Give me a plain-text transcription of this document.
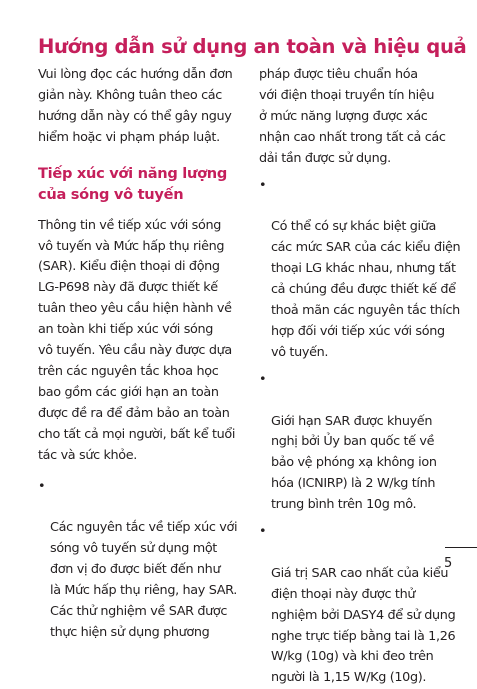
Hướng dẫn sử dụng an toàn và hiệu quả

Vui lòng đọc các hướng dẫn đơn
giản này. Không tuân theo các
hướng dẫn này có thể gây nguy
hiểm hoặc vi phạm pháp luật.

Tiếp xúc với năng lượng
của sóng vô tuyến

Thông tin về tiếp xúc với sóng
vô tuyến và Mức hấp thụ riêng
(SAR). Kiểu điện thoại di động
LG-P698 này đã được thiết kế
tuân theo yêu cầu hiện hành về
an toàn khi tiếp xúc với sóng
vô tuyến. Yêu cầu này được dựa
trên các nguyên tắc khoa học
bao gồm các giới hạn an toàn
được đề ra để đảm bảo an toàn
cho tất cả mọi người, bất kể tuổi
tác và sức khỏe.

•

Các nguyên tắc về tiếp xúc với
sóng vô tuyến sử dụng một
đơn vị đo được biết đến như
là Mức hấp thụ riêng, hay SAR.
Các thử nghiệm về SAR được
thực hiện sử dụng phương

pháp được tiêu chuẩn hóa
với điện thoại truyền tín hiệu
ở mức năng lượng được xác
nhận cao nhất trong tất cả các
dải tần được sử dụng.

•

Có thể có sự khác biệt giữa
các mức SAR của các kiểu điện
thoại LG khác nhau, nhưng tất
cả chúng đều được thiết kế để
thoả mãn các nguyên tắc thích
hợp đối với tiếp xúc với sóng
vô tuyến.

•

Giới hạn SAR được khuyến
nghị bởi Ủy ban quốc tế về
bảo vệ phóng xạ không ion
hóa (ICNIRP) là 2 W/kg tính
trung bình trên 10g mô.

•

Giá trị SAR cao nhất của kiểu
điện thoại này được thử
nghiệm bởi DASY4 để sử dụng
nghe trực tiếp bằng tai là 1,26
W/kg (10g) và khi đeo trên
người là 1,15 W/Kg (10g).

5
